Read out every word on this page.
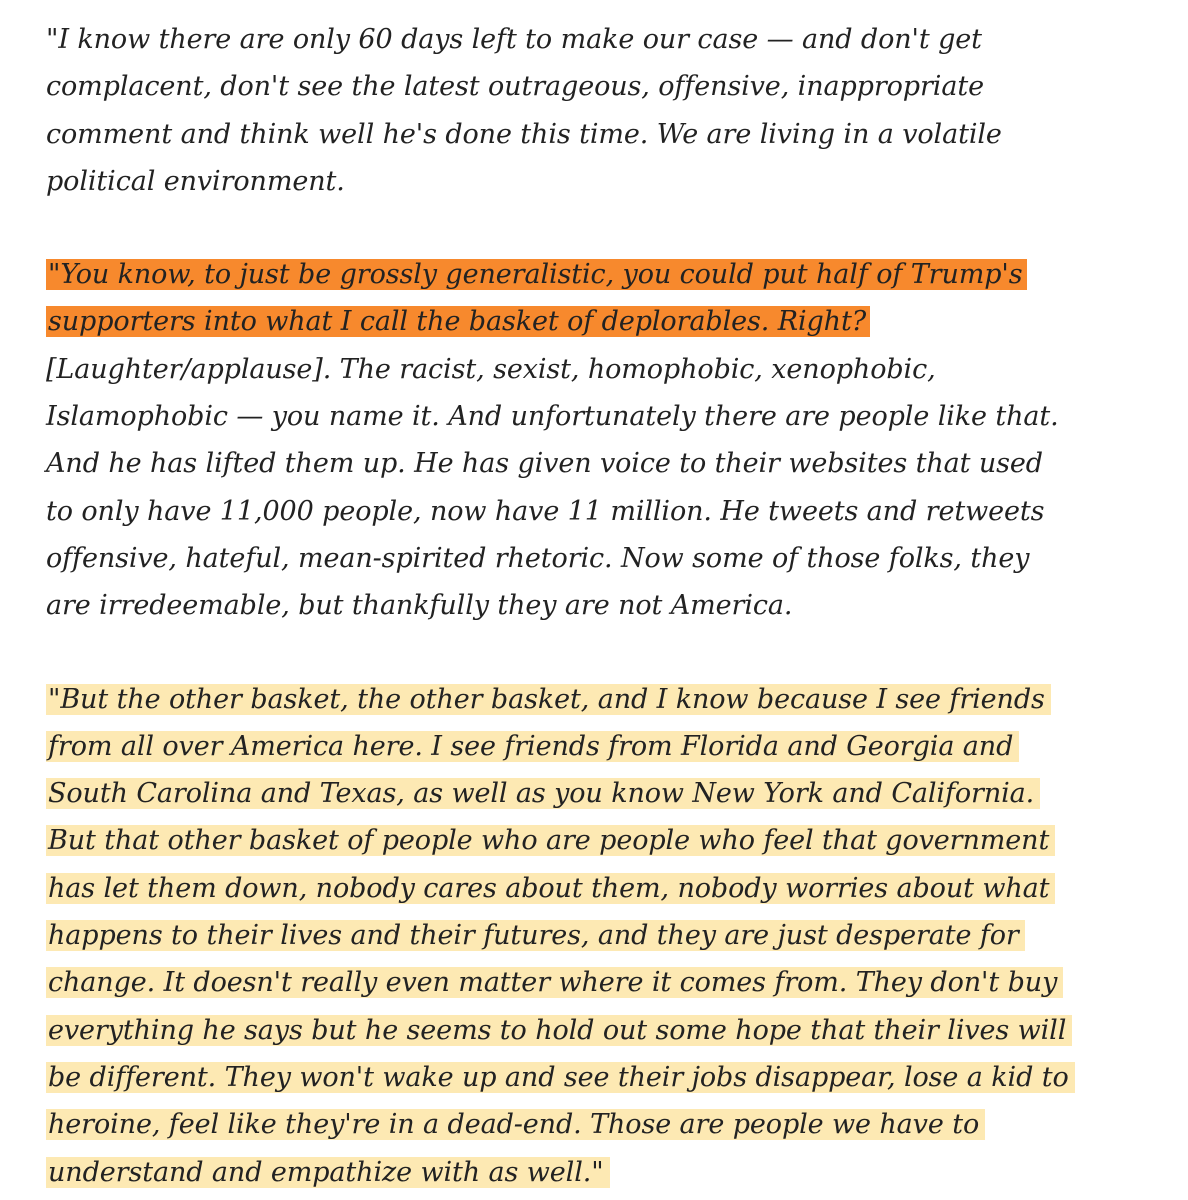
"I know there are only 60 days left to make our case — and don't get
complacent, don't see the latest outrageous, offensive, inappropriate
comment and think well he's done this time. We are living in a volatile
political environment.

"You know, to just be grossly generalistic, you could put half of Trump's
supporters into what I call the basket of deplorables. Right?
[Laughter/applause]. The racist, sexist, homophobic, xenophobic,
Islamophobic — you name it. And unfortunately there are people like that.
And he has lifted them up. He has given voice to their websites that used
to only have 11,000 people, now have 11 million. He tweets and retweets
offensive, hateful, mean-spirited rhetoric. Now some of those folks, they
are irredeemable, but thankfully they are not America.

"But the other basket, the other basket, and I know because I see friends
from all over America here. I see friends from Florida and Georgia and
South Carolina and Texas, as well as you know New York and California.
But that other basket of people who are people who feel that government
has let them down, nobody cares about them, nobody worries about what
happens to their lives and their futures, and they are just desperate for
change. It doesn't really even matter where it comes from. They don't buy
everything he says but he seems to hold out some hope that their lives will
be different. They won't wake up and see their jobs disappear, lose a kid to
heroine, feel like they're in a dead-end. Those are people we have to
understand and empathize with as well."
